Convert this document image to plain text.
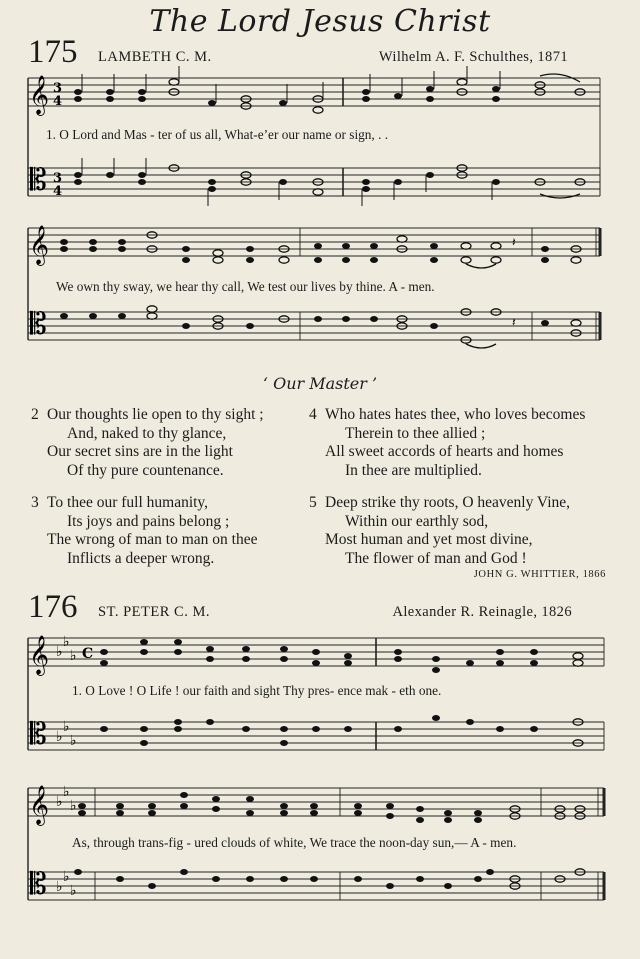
The Lord Jesus Christ
175 LAMBETH C. M.	Wilhelm A. F. Schulthes, 1871
𝄞
𝄡
3
4
3
4
1. O Lord and Mas - ter of us all, What-e’er our name or sign, . .
𝄞
𝄡
𝄽
𝄽
We own thy sway, we hear thy call, We test our lives by thine. A - men.
‘ Our Master ’
2 Our thoughts lie open to thy sight ;
And, naked to thy glance,
Our secret sins are in the light
Of thy pure countenance.
3 To thee our full humanity,
Its joys and pains belong ;
The wrong of man to man on thee
Inflicts a deeper wrong.
4 Who hates hates thee, who loves becomes
Therein to thee allied ;
All sweet accords of hearts and homes
In thee are multiplied.
5 Deep strike thy roots, O heavenly Vine,
Within our earthly sod,
Most human and yet most divine,
The flower of man and God !
JOHN G. WHITTIER, 1866
176 ST. PETER C. M.	Alexander R. Reinagle, 1826
𝄞
𝄡
♭
♭
♭
♭
♭
♭
C
1. O Love ! O Life ! our faith and sight Thy pres- ence mak - eth one.
𝄞
𝄡
♭
♭
♭
♭
♭
♭
As, through trans-fig - ured clouds of white, We trace the noon-day sun,— A - men.
